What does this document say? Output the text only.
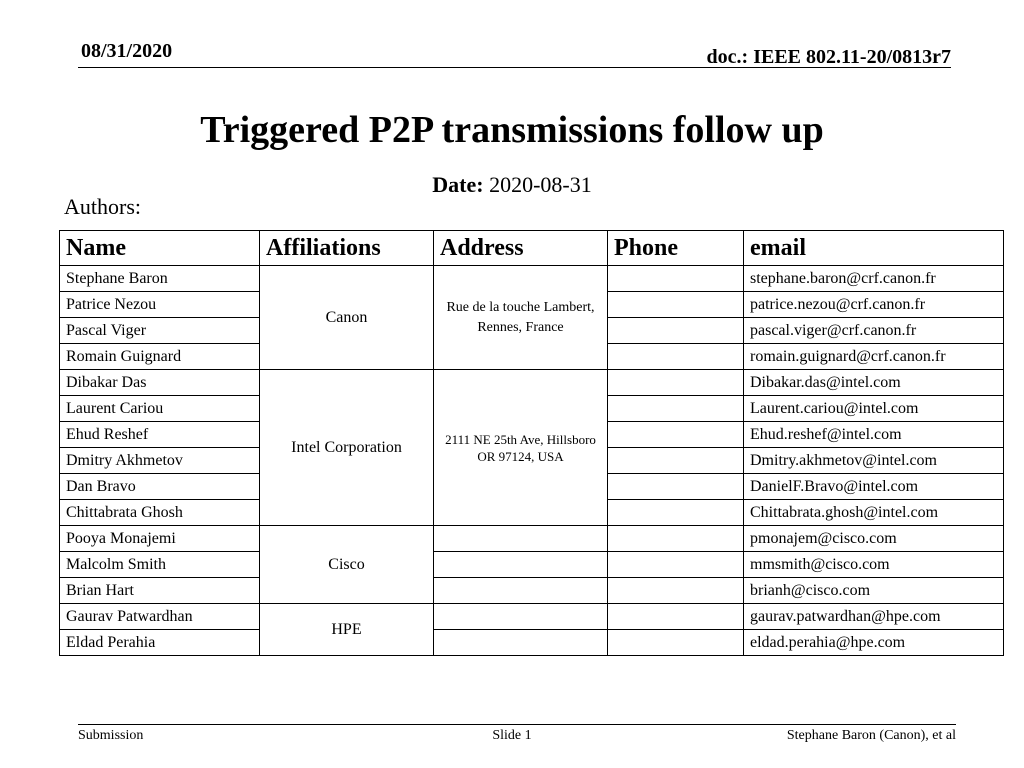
08/31/2020	doc.: IEEE 802.11-20/0813r7
Triggered P2P transmissions follow up
Date: 2020-08-31
Authors:
Name	Affiliations	Address	Phone	email
Stephane Baron	Canon	Rue de la touche Lambert, Rennes, France		stephane.baron@crf.canon.fr
Patrice Nezou				patrice.nezou@crf.canon.fr
Pascal Viger				pascal.viger@crf.canon.fr
Romain Guignard				romain.guignard@crf.canon.fr
Dibakar Das	Intel Corporation	2111 NE 25th Ave, Hillsboro OR 97124, USA		Dibakar.das@intel.com
Laurent Cariou				Laurent.cariou@intel.com
Ehud Reshef				Ehud.reshef@intel.com
Dmitry Akhmetov				Dmitry.akhmetov@intel.com
Dan Bravo				DanielF.Bravo@intel.com
Chittabrata Ghosh				Chittabrata.ghosh@intel.com
Pooya Monajemi	Cisco			pmonajem@cisco.com
Malcolm Smith				mmsmith@cisco.com
Brian Hart				brianh@cisco.com
Gaurav Patwardhan	HPE			gaurav.patwardhan@hpe.com
Eldad Perahia				eldad.perahia@hpe.com
Submission	Slide 1	Stephane Baron (Canon), et al
